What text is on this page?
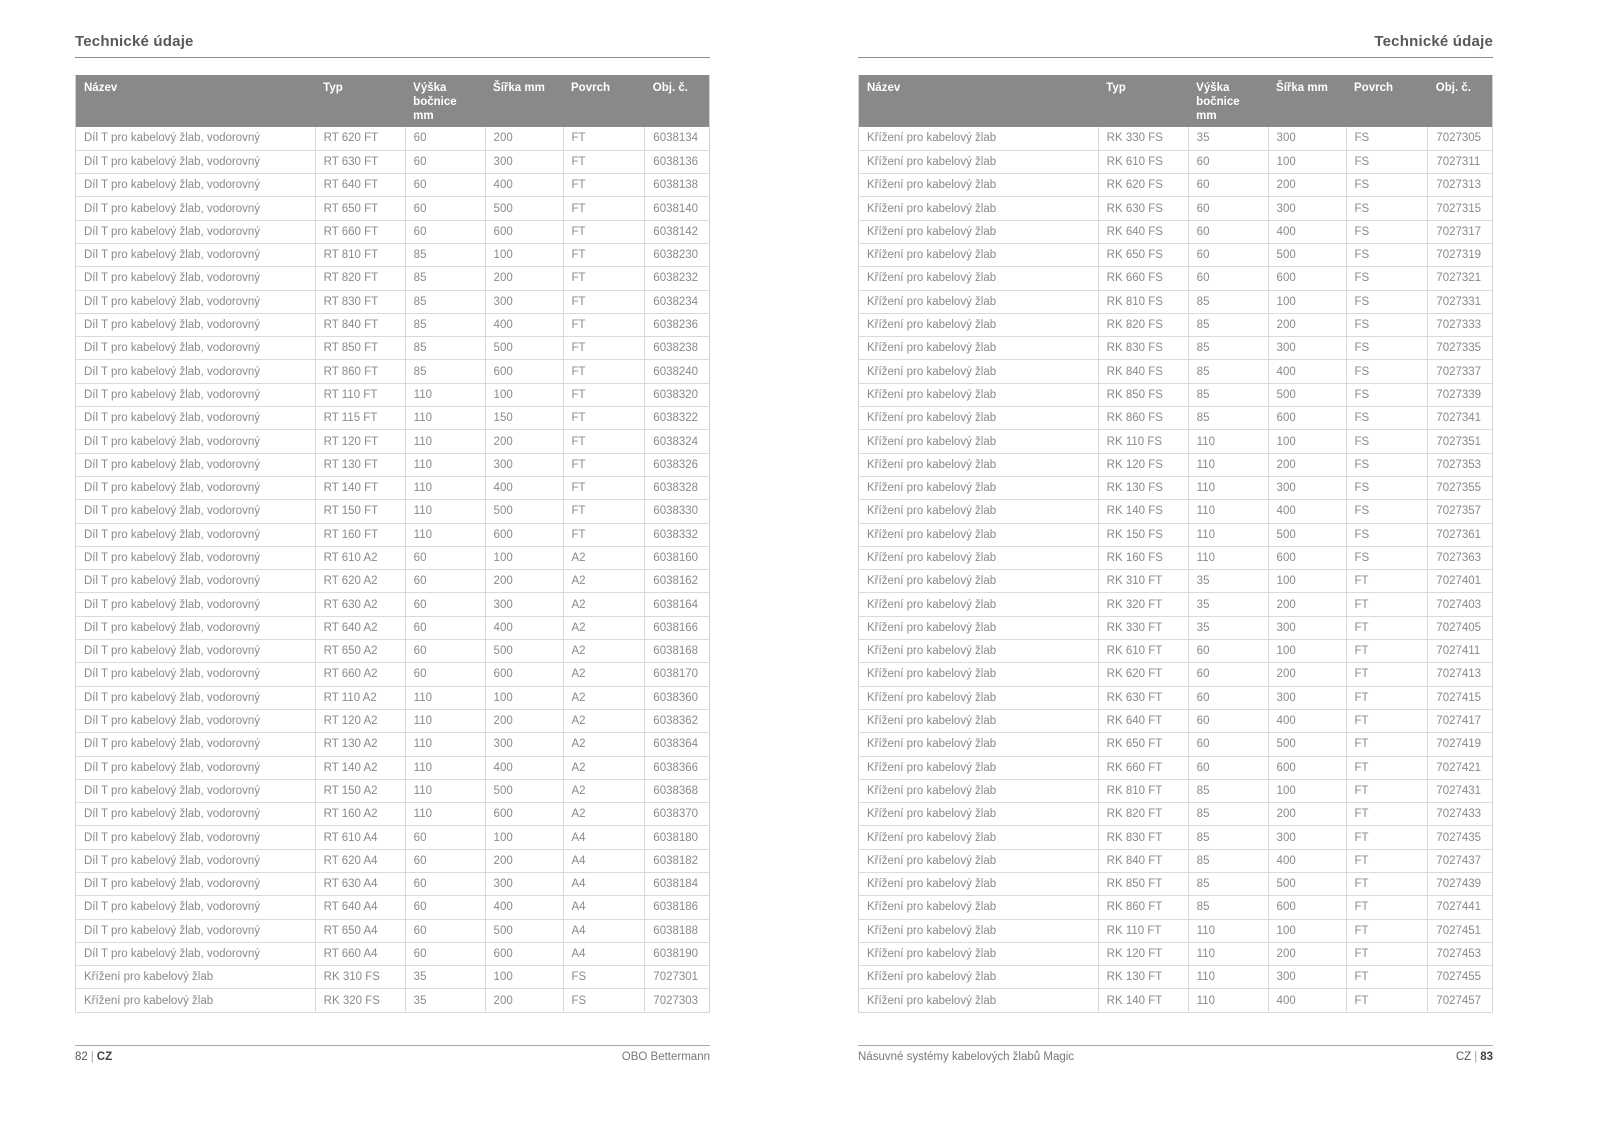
Technické údaje
Název	Typ	Výška bočnice mm	Šířka mm	Povrch	Obj. č.
Díl T pro kabelový žlab, vodorovný	RT 620 FT	60	200	FT	6038134
Díl T pro kabelový žlab, vodorovný	RT 630 FT	60	300	FT	6038136
Díl T pro kabelový žlab, vodorovný	RT 640 FT	60	400	FT	6038138
Díl T pro kabelový žlab, vodorovný	RT 650 FT	60	500	FT	6038140
Díl T pro kabelový žlab, vodorovný	RT 660 FT	60	600	FT	6038142
Díl T pro kabelový žlab, vodorovný	RT 810 FT	85	100	FT	6038230
Díl T pro kabelový žlab, vodorovný	RT 820 FT	85	200	FT	6038232
Díl T pro kabelový žlab, vodorovný	RT 830 FT	85	300	FT	6038234
Díl T pro kabelový žlab, vodorovný	RT 840 FT	85	400	FT	6038236
Díl T pro kabelový žlab, vodorovný	RT 850 FT	85	500	FT	6038238
Díl T pro kabelový žlab, vodorovný	RT 860 FT	85	600	FT	6038240
Díl T pro kabelový žlab, vodorovný	RT 110 FT	110	100	FT	6038320
Díl T pro kabelový žlab, vodorovný	RT 115 FT	110	150	FT	6038322
Díl T pro kabelový žlab, vodorovný	RT 120 FT	110	200	FT	6038324
Díl T pro kabelový žlab, vodorovný	RT 130 FT	110	300	FT	6038326
Díl T pro kabelový žlab, vodorovný	RT 140 FT	110	400	FT	6038328
Díl T pro kabelový žlab, vodorovný	RT 150 FT	110	500	FT	6038330
Díl T pro kabelový žlab, vodorovný	RT 160 FT	110	600	FT	6038332
Díl T pro kabelový žlab, vodorovný	RT 610 A2	60	100	A2	6038160
Díl T pro kabelový žlab, vodorovný	RT 620 A2	60	200	A2	6038162
Díl T pro kabelový žlab, vodorovný	RT 630 A2	60	300	A2	6038164
Díl T pro kabelový žlab, vodorovný	RT 640 A2	60	400	A2	6038166
Díl T pro kabelový žlab, vodorovný	RT 650 A2	60	500	A2	6038168
Díl T pro kabelový žlab, vodorovný	RT 660 A2	60	600	A2	6038170
Díl T pro kabelový žlab, vodorovný	RT 110 A2	110	100	A2	6038360
Díl T pro kabelový žlab, vodorovný	RT 120 A2	110	200	A2	6038362
Díl T pro kabelový žlab, vodorovný	RT 130 A2	110	300	A2	6038364
Díl T pro kabelový žlab, vodorovný	RT 140 A2	110	400	A2	6038366
Díl T pro kabelový žlab, vodorovný	RT 150 A2	110	500	A2	6038368
Díl T pro kabelový žlab, vodorovný	RT 160 A2	110	600	A2	6038370
Díl T pro kabelový žlab, vodorovný	RT 610 A4	60	100	A4	6038180
Díl T pro kabelový žlab, vodorovný	RT 620 A4	60	200	A4	6038182
Díl T pro kabelový žlab, vodorovný	RT 630 A4	60	300	A4	6038184
Díl T pro kabelový žlab, vodorovný	RT 640 A4	60	400	A4	6038186
Díl T pro kabelový žlab, vodorovný	RT 650 A4	60	500	A4	6038188
Díl T pro kabelový žlab, vodorovný	RT 660 A4	60	600	A4	6038190
Křížení pro kabelový žlab	RK 310 FS	35	100	FS	7027301
Křížení pro kabelový žlab	RK 320 FS	35	200	FS	7027303
82 | CZ	OBO Bettermann
Technické údaje
Název	Typ	Výška bočnice mm	Šířka mm	Povrch	Obj. č.
Křížení pro kabelový žlab	RK 330 FS	35	300	FS	7027305
Křížení pro kabelový žlab	RK 610 FS	60	100	FS	7027311
Křížení pro kabelový žlab	RK 620 FS	60	200	FS	7027313
Křížení pro kabelový žlab	RK 630 FS	60	300	FS	7027315
Křížení pro kabelový žlab	RK 640 FS	60	400	FS	7027317
Křížení pro kabelový žlab	RK 650 FS	60	500	FS	7027319
Křížení pro kabelový žlab	RK 660 FS	60	600	FS	7027321
Křížení pro kabelový žlab	RK 810 FS	85	100	FS	7027331
Křížení pro kabelový žlab	RK 820 FS	85	200	FS	7027333
Křížení pro kabelový žlab	RK 830 FS	85	300	FS	7027335
Křížení pro kabelový žlab	RK 840 FS	85	400	FS	7027337
Křížení pro kabelový žlab	RK 850 FS	85	500	FS	7027339
Křížení pro kabelový žlab	RK 860 FS	85	600	FS	7027341
Křížení pro kabelový žlab	RK 110 FS	110	100	FS	7027351
Křížení pro kabelový žlab	RK 120 FS	110	200	FS	7027353
Křížení pro kabelový žlab	RK 130 FS	110	300	FS	7027355
Křížení pro kabelový žlab	RK 140 FS	110	400	FS	7027357
Křížení pro kabelový žlab	RK 150 FS	110	500	FS	7027361
Křížení pro kabelový žlab	RK 160 FS	110	600	FS	7027363
Křížení pro kabelový žlab	RK 310 FT	35	100	FT	7027401
Křížení pro kabelový žlab	RK 320 FT	35	200	FT	7027403
Křížení pro kabelový žlab	RK 330 FT	35	300	FT	7027405
Křížení pro kabelový žlab	RK 610 FT	60	100	FT	7027411
Křížení pro kabelový žlab	RK 620 FT	60	200	FT	7027413
Křížení pro kabelový žlab	RK 630 FT	60	300	FT	7027415
Křížení pro kabelový žlab	RK 640 FT	60	400	FT	7027417
Křížení pro kabelový žlab	RK 650 FT	60	500	FT	7027419
Křížení pro kabelový žlab	RK 660 FT	60	600	FT	7027421
Křížení pro kabelový žlab	RK 810 FT	85	100	FT	7027431
Křížení pro kabelový žlab	RK 820 FT	85	200	FT	7027433
Křížení pro kabelový žlab	RK 830 FT	85	300	FT	7027435
Křížení pro kabelový žlab	RK 840 FT	85	400	FT	7027437
Křížení pro kabelový žlab	RK 850 FT	85	500	FT	7027439
Křížení pro kabelový žlab	RK 860 FT	85	600	FT	7027441
Křížení pro kabelový žlab	RK 110 FT	110	100	FT	7027451
Křížení pro kabelový žlab	RK 120 FT	110	200	FT	7027453
Křížení pro kabelový žlab	RK 130 FT	110	300	FT	7027455
Křížení pro kabelový žlab	RK 140 FT	110	400	FT	7027457
Násuvné systémy kabelových žlabů Magic	CZ | 83
